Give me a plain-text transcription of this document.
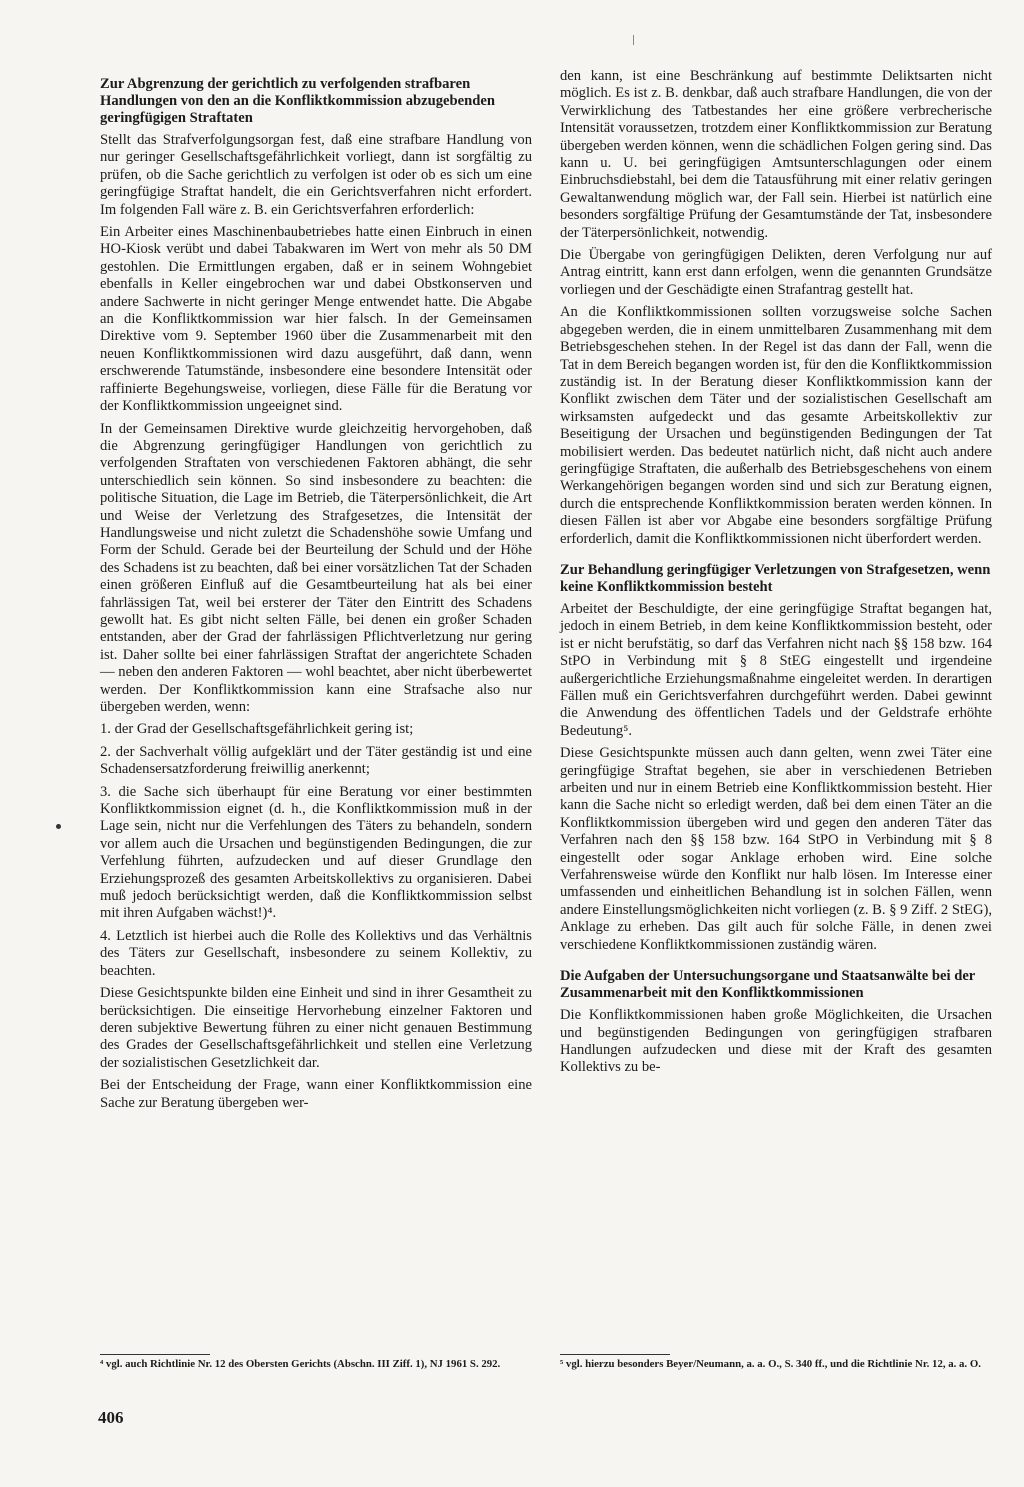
Zur Abgrenzung der gerichtlich zu verfolgenden strafbaren Handlungen von den an die Konfliktkommission abzugebenden geringfügigen Straftaten

Stellt das Strafverfolgungsorgan fest, daß eine strafbare Handlung von nur geringer Gesellschaftsgefährlichkeit vorliegt, dann ist sorgfältig zu prüfen, ob die Sache gerichtlich zu verfolgen ist oder ob es sich um eine geringfügige Straftat handelt, die ein Gerichtsverfahren nicht erfordert. Im folgenden Fall wäre z. B. ein Gerichtsverfahren erforderlich:

Ein Arbeiter eines Maschinenbaubetriebes hatte einen Einbruch in einen HO-Kiosk verübt und dabei Tabakwaren im Wert von mehr als 50 DM gestohlen. Die Ermittlungen ergaben, daß er in seinem Wohngebiet ebenfalls in Keller eingebrochen war und dabei Obstkonserven und andere Sachwerte in nicht geringer Menge entwendet hatte. Die Abgabe an die Konfliktkommission war hier falsch. In der Gemeinsamen Direktive vom 9. September 1960 über die Zusammenarbeit mit den neuen Konfliktkommissionen wird dazu ausgeführt, daß dann, wenn erschwerende Tatumstände, insbesondere eine besondere Intensität oder raffinierte Begehungsweise, vorliegen, diese Fälle für die Beratung vor der Konfliktkommission ungeeignet sind.

In der Gemeinsamen Direktive wurde gleichzeitig hervorgehoben, daß die Abgrenzung geringfügiger Handlungen von gerichtlich zu verfolgenden Straftaten von verschiedenen Faktoren abhängt, die sehr unterschiedlich sein können. So sind insbesondere zu beachten: die politische Situation, die Lage im Betrieb, die Täterpersönlichkeit, die Art und Weise der Verletzung des Strafgesetzes, die Intensität der Handlungsweise und nicht zuletzt die Schadenshöhe sowie Umfang und Form der Schuld. Gerade bei der Beurteilung der Schuld und der Höhe des Schadens ist zu beachten, daß bei einer vorsätzlichen Tat der Schaden einen größeren Einfluß auf die Gesamtbeurteilung hat als bei einer fahrlässigen Tat, weil bei ersterer der Täter den Eintritt des Schadens gewollt hat. Es gibt nicht selten Fälle, bei denen ein großer Schaden entstanden, aber der Grad der fahrlässigen Pflichtverletzung nur gering ist. Daher sollte bei einer fahrlässigen Straftat der angerichtete Schaden — neben den anderen Faktoren — wohl beachtet, aber nicht überbewertet werden. Der Konfliktkommission kann eine Strafsache also nur übergeben werden, wenn:

1. der Grad der Gesellschaftsgefährlichkeit gering ist;

2. der Sachverhalt völlig aufgeklärt und der Täter geständig ist und eine Schadensersatzforderung freiwillig anerkennt;

3. die Sache sich überhaupt für eine Beratung vor einer bestimmten Konfliktkommission eignet (d. h., die Konfliktkommission muß in der Lage sein, nicht nur die Verfehlungen des Täters zu behandeln, sondern vor allem auch die Ursachen und begünstigenden Bedingungen, die zur Verfehlung führten, aufzudecken und auf dieser Grundlage den Erziehungsprozeß des gesamten Arbeitskollektivs zu organisieren. Dabei muß jedoch berücksichtigt werden, daß die Konfliktkommission selbst mit ihren Aufgaben wächst!)⁴.

4. Letztlich ist hierbei auch die Rolle des Kollektivs und das Verhältnis des Täters zur Gesellschaft, insbesondere zu seinem Kollektiv, zu beachten.

Diese Gesichtspunkte bilden eine Einheit und sind in ihrer Gesamtheit zu berücksichtigen. Die einseitige Hervorhebung einzelner Faktoren und deren subjektive Bewertung führen zu einer nicht genauen Bestimmung des Grades der Gesellschaftsgefährlichkeit und stellen eine Verletzung der sozialistischen Gesetzlichkeit dar.

Bei der Entscheidung der Frage, wann einer Konfliktkommission eine Sache zur Beratung übergeben wer-

den kann, ist eine Beschränkung auf bestimmte Deliktsarten nicht möglich. Es ist z. B. denkbar, daß auch strafbare Handlungen, die von der Verwirklichung des Tatbestandes her eine größere verbrecherische Intensität voraussetzen, trotzdem einer Konfliktkommission zur Beratung übergeben werden können, wenn die schädlichen Folgen gering sind. Das kann u. U. bei geringfügigen Amtsunterschlagungen oder einem Einbruchsdiebstahl, bei dem die Tatausführung mit einer relativ geringen Gewaltanwendung möglich war, der Fall sein. Hierbei ist natürlich eine besonders sorgfältige Prüfung der Gesamtumstände der Tat, insbesondere der Täterpersönlichkeit, notwendig.

Die Übergabe von geringfügigen Delikten, deren Verfolgung nur auf Antrag eintritt, kann erst dann erfolgen, wenn die genannten Grundsätze vorliegen und der Geschädigte einen Strafantrag gestellt hat.

An die Konfliktkommissionen sollten vorzugsweise solche Sachen abgegeben werden, die in einem unmittelbaren Zusammenhang mit dem Betriebsgeschehen stehen. In der Regel ist das dann der Fall, wenn die Tat in dem Bereich begangen worden ist, für den die Konfliktkommission zuständig ist. In der Beratung dieser Konfliktkommission kann der Konflikt zwischen dem Täter und der sozialistischen Gesellschaft am wirksamsten aufgedeckt und das gesamte Arbeitskollektiv zur Beseitigung der Ursachen und begünstigenden Bedingungen der Tat mobilisiert werden. Das bedeutet natürlich nicht, daß nicht auch andere geringfügige Straftaten, die außerhalb des Betriebsgeschehens von einem Werkangehörigen begangen worden sind und sich zur Beratung eignen, durch die entsprechende Konfliktkommission beraten werden können. In diesen Fällen ist aber vor Abgabe eine besonders sorgfältige Prüfung erforderlich, damit die Konfliktkommissionen nicht überfordert werden.

Zur Behandlung geringfügiger Verletzungen von Strafgesetzen, wenn keine Konfliktkommission besteht

Arbeitet der Beschuldigte, der eine geringfügige Straftat begangen hat, jedoch in einem Betrieb, in dem keine Konfliktkommission besteht, oder ist er nicht berufstätig, so darf das Verfahren nicht nach §§ 158 bzw. 164 StPO in Verbindung mit § 8 StEG eingestellt und irgendeine außergerichtliche Erziehungsmaßnahme eingeleitet werden. In derartigen Fällen muß ein Gerichtsverfahren durchgeführt werden. Dabei gewinnt die Anwendung des öffentlichen Tadels und der Geldstrafe erhöhte Bedeutung⁵.

Diese Gesichtspunkte müssen auch dann gelten, wenn zwei Täter eine geringfügige Straftat begehen, sie aber in verschiedenen Betrieben arbeiten und nur in einem Betrieb eine Konfliktkommission besteht. Hier kann die Sache nicht so erledigt werden, daß bei dem einen Täter an die Konfliktkommission übergeben wird und gegen den anderen Täter das Verfahren nach den §§ 158 bzw. 164 StPO in Verbindung mit § 8 eingestellt oder sogar Anklage erhoben wird. Eine solche Verfahrensweise würde den Konflikt nur halb lösen. Im Interesse einer umfassenden und einheitlichen Behandlung ist in solchen Fällen, wenn andere Einstellungsmöglichkeiten nicht vorliegen (z. B. § 9 Ziff. 2 StEG), Anklage zu erheben. Das gilt auch für solche Fälle, in denen zwei verschiedene Konfliktkommissionen zuständig wären.

Die Aufgaben der Untersuchungsorgane und Staatsanwälte bei der Zusammenarbeit mit den Konfliktkommissionen

Die Konfliktkommissionen haben große Möglichkeiten, die Ursachen und begünstigenden Bedingungen von geringfügigen strafbaren Handlungen aufzudecken und diese mit der Kraft des gesamten Kollektivs zu be-

⁴ vgl. auch Richtlinie Nr. 12 des Obersten Gerichts (Abschn. III Ziff. 1), NJ 1961 S. 292.	⁵ vgl. hierzu besonders Beyer/Neumann, a. a. O., S. 340 ff., und die Richtlinie Nr. 12, a. a. O.

406
